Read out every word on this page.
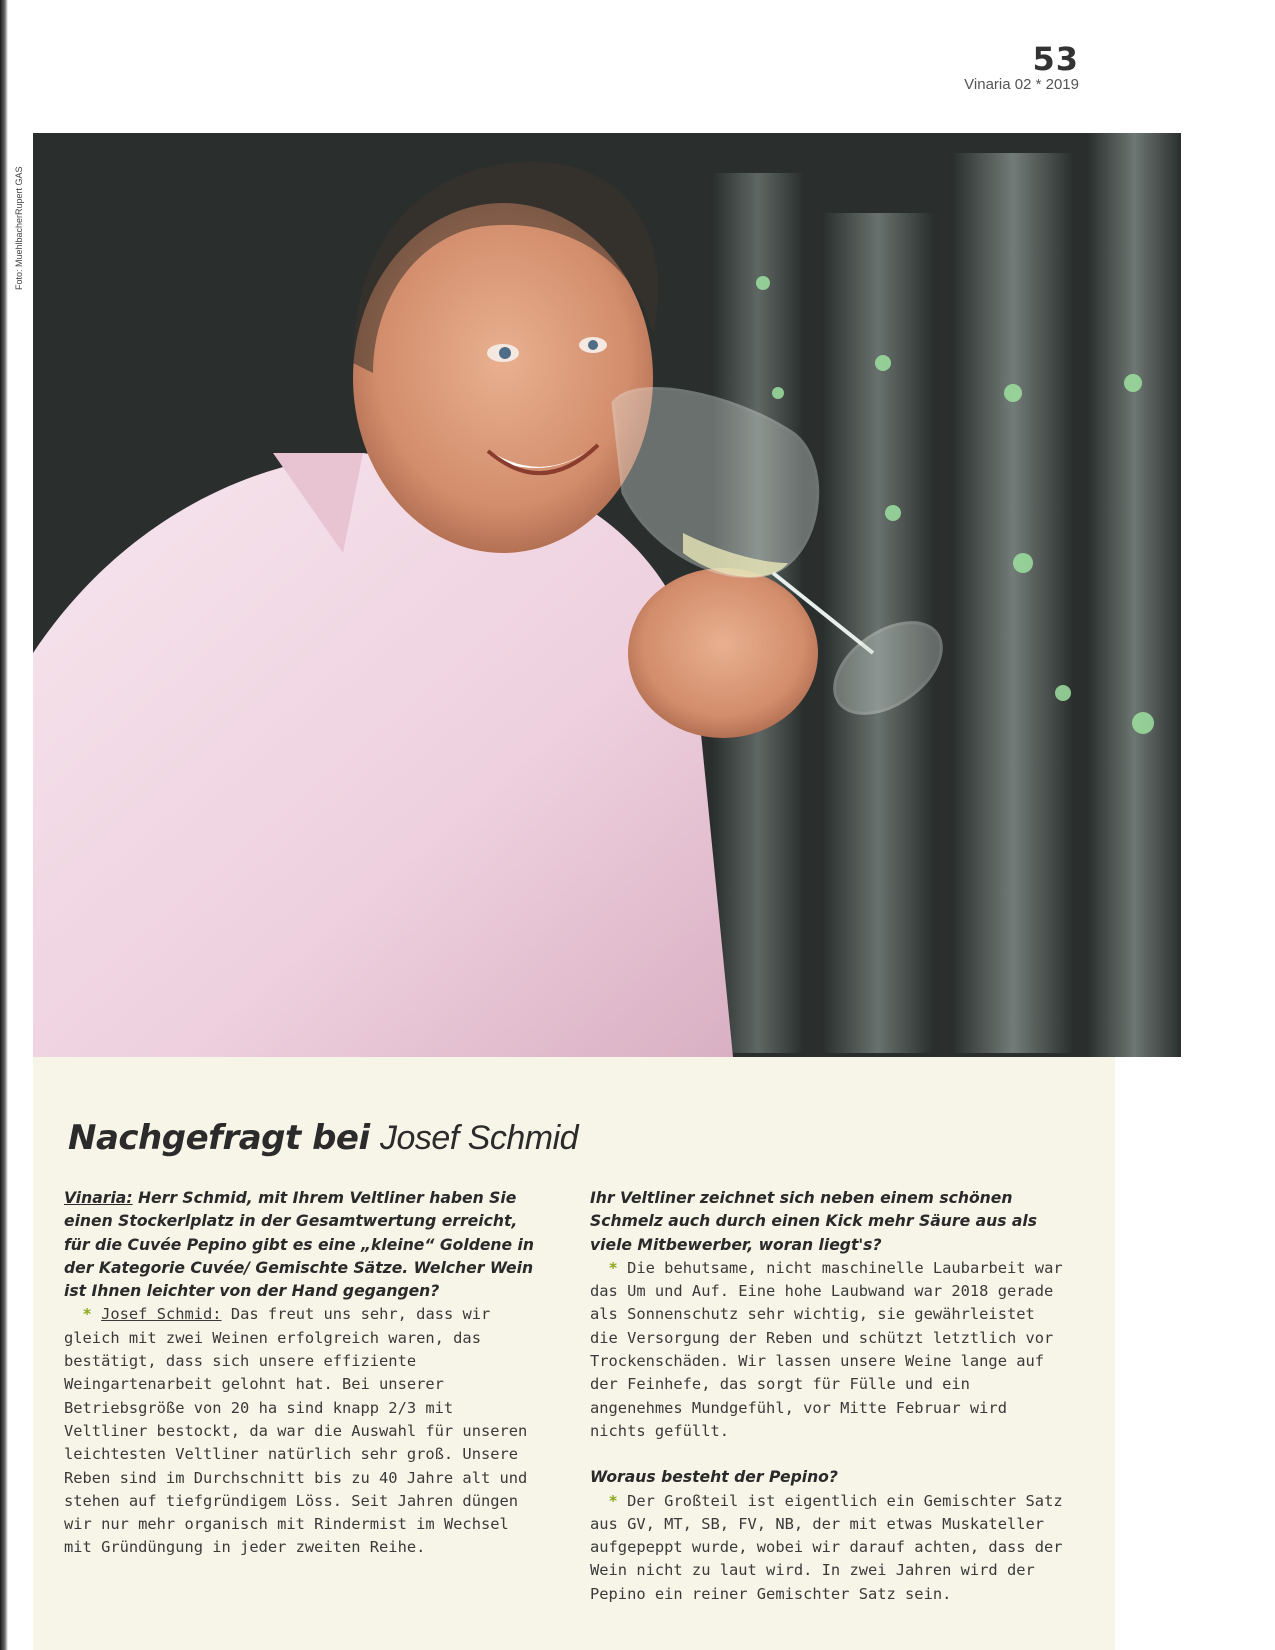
53
Vinaria 02 * 2019
Foto: MuehlbacherRupert GAS
Nachgefragt bei Josef Schmid
Vinaria: Herr Schmid, mit Ihrem Veltliner haben Sie einen Stockerlplatz in der Gesamtwertung erreicht, für die Cuvée Pepino gibt es eine „kleine“ Goldene in der Kategorie Cuvée/ Gemischte Sätze. Welcher Wein ist Ihnen leichter von der Hand gegangen?
* Josef Schmid: Das freut uns sehr, dass wir gleich mit zwei Weinen erfolgreich waren, das bestätigt, dass sich unsere effiziente Weingartenarbeit gelohnt hat. Bei unserer Betriebsgröße von 20 ha sind knapp 2/3 mit Veltliner bestockt, da war die Auswahl für unseren leichtesten Veltliner natürlich sehr groß. Unsere Reben sind im Durchschnitt bis zu 40 Jahre alt und stehen auf tiefgründigem Löss. Seit Jahren düngen wir nur mehr organisch mit Rindermist im Wechsel mit Gründüngung in jeder zweiten Reihe.
Ihr Veltliner zeichnet sich neben einem schönen Schmelz auch durch einen Kick mehr Säure aus als viele Mitbewerber, woran liegt's?
* Die behutsame, nicht maschinelle Laubarbeit war das Um und Auf. Eine hohe Laubwand war 2018 gerade als Sonnenschutz sehr wichtig, sie gewährleistet die Versorgung der Reben und schützt letztlich vor Trockenschäden. Wir lassen unsere Weine lange auf der Feinhefe, das sorgt für Fülle und ein angenehmes Mundgefühl, vor Mitte Februar wird nichts gefüllt.
Woraus besteht der Pepino?
* Der Großteil ist eigentlich ein Gemischter Satz aus GV, MT, SB, FV, NB, der mit etwas Muskateller aufgepeppt wurde, wobei wir darauf achten, dass der Wein nicht zu laut wird. In zwei Jahren wird der Pepino ein reiner Gemischter Satz sein.
